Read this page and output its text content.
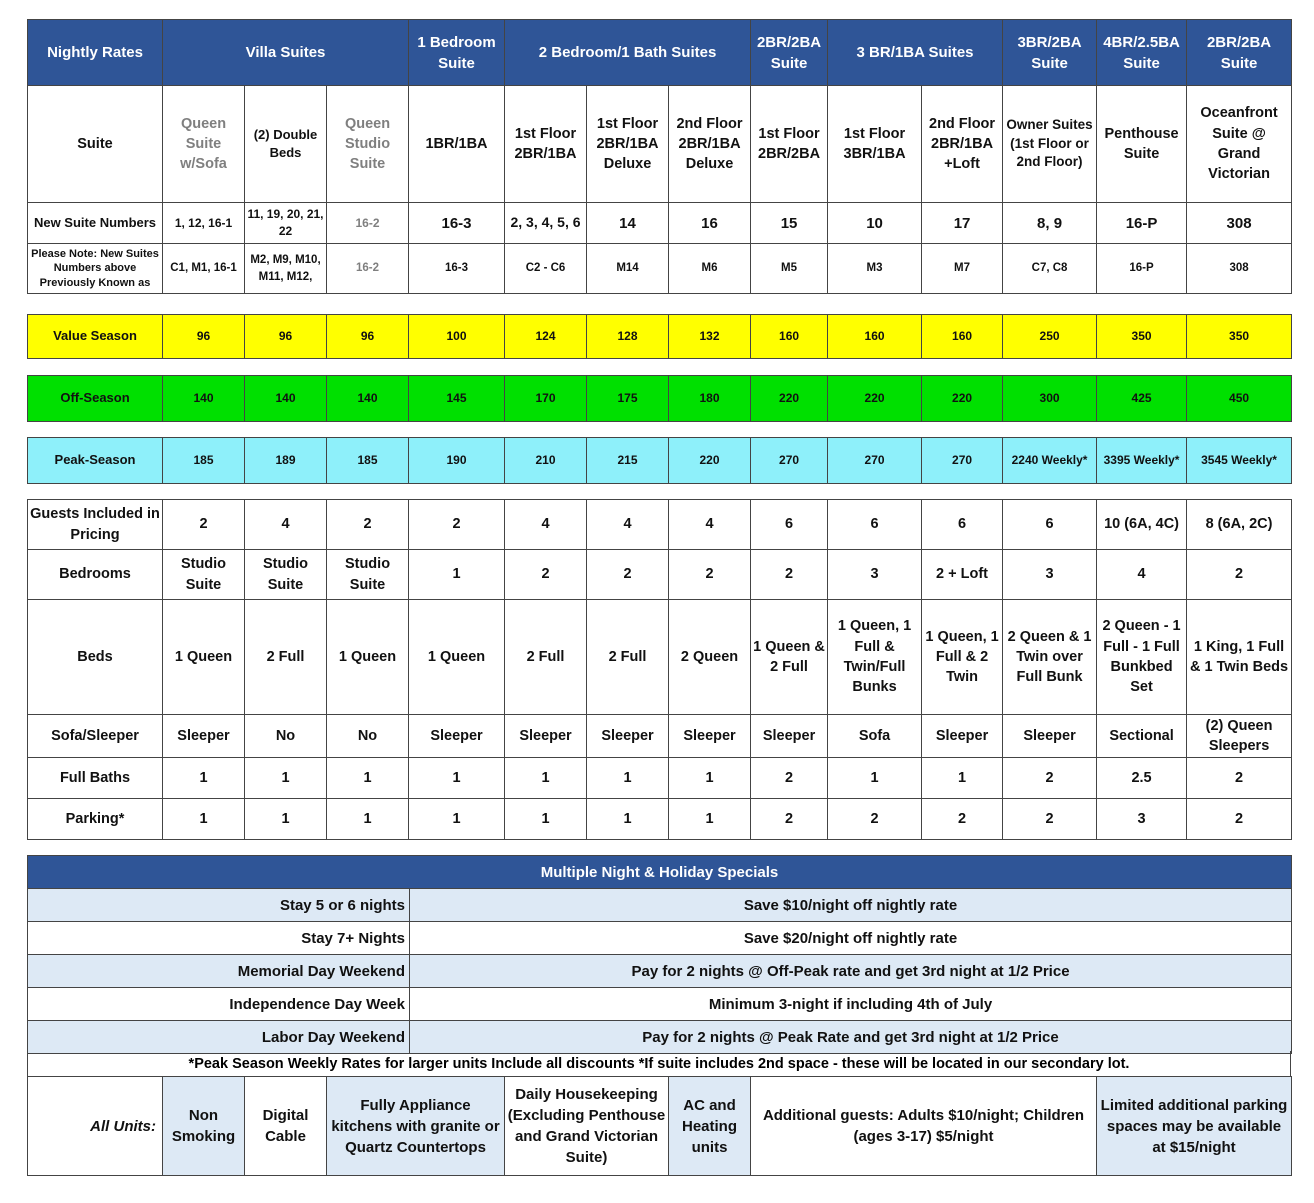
Nightly Rates	Villa Suites			1 Bedroom Suite	2 Bedroom/1 Bath Suites			2BR/2BA Suite	3 BR/1BA Suites		3BR/2BA Suite	4BR/2.5BA Suite	2BR/2BA Suite
Suite	Queen Suite w/Sofa	(2) Double Beds	Queen Studio Suite	1BR/1BA	1st Floor 2BR/1BA	1st Floor 2BR/1BA Deluxe	2nd Floor 2BR/1BA Deluxe	1st Floor 2BR/2BA	1st Floor 3BR/1BA	2nd Floor 2BR/1BA +Loft	Owner Suites (1st Floor or 2nd Floor)	Penthouse Suite	Oceanfront Suite @ Grand Victorian
New Suite Numbers	1, 12, 16-1	11, 19, 20, 21, 22	16-2	16-3	2, 3, 4, 5, 6	14	16	15	10	17	8, 9	16-P	308
Please Note: New Suites Numbers above Previously Known as	C1, M1, 16-1	M2, M9, M10, M11, M12,	16-2	16-3	C2 - C6	M14	M6	M5	M3	M7	C7, C8	16-P	308

Value Season	96	96	96	100	124	128	132	160	160	160	250	350	350

Off-Season	140	140	140	145	170	175	180	220	220	220	300	425	450

Peak-Season	185	189	185	190	210	215	220	270	270	270	2240 Weekly*	3395 Weekly*	3545 Weekly*

Guests Included in Pricing	2	4	2	2	4	4	4	6	6	6	6	10 (6A, 4C)	8 (6A, 2C)
Bedrooms	Studio Suite	Studio Suite	Studio Suite	1	2	2	2	2	3	2 + Loft	3	4	2
Beds	1 Queen	2 Full	1 Queen	1 Queen	2 Full	2 Full	2 Queen	1 Queen & 2 Full	1 Queen, 1 Full & Twin/Full Bunks	1 Queen, 1 Full & 2 Twin	2 Queen & 1 Twin over Full Bunk	2 Queen - 1 Full - 1 Full Bunkbed Set	1 King, 1 Full & 1 Twin Beds
Sofa/Sleeper	Sleeper	No	No	Sleeper	Sleeper	Sleeper	Sleeper	Sleeper	Sofa	Sleeper	Sleeper	Sectional	(2) Queen Sleepers
Full Baths	1	1	1	1	1	1	1	2	1	1	2	2.5	2
Parking*	1	1	1	1	1	1	1	2	2	2	2	3	2
Multiple Night & Holiday Specials	
Stay 5 or 6 nights	Save $10/night off nightly rate
Stay 7+ Nights	Save $20/night off nightly rate
Memorial Day Weekend	Pay for 2 nights @ Off-Peak rate and get 3rd night at 1/2 Price
Independence Day Week	Minimum 3-night if including 4th of July
Labor Day Weekend	Pay for 2 nights @ Peak Rate and get 3rd night at 1/2 Price
*Peak Season Weekly Rates for larger units Include all discounts *If suite includes 2nd space - these will be located in our secondary lot.
All Units:	Non Smoking	Digital Cable	Fully Appliance kitchens with granite or Quartz Countertops	Daily Housekeeping (Excluding Penthouse and Grand Victorian Suite)	AC and Heating units	Additional guests: Adults $10/night; Children (ages 3-17) $5/night	Limited additional parking spaces may be available at $15/night
